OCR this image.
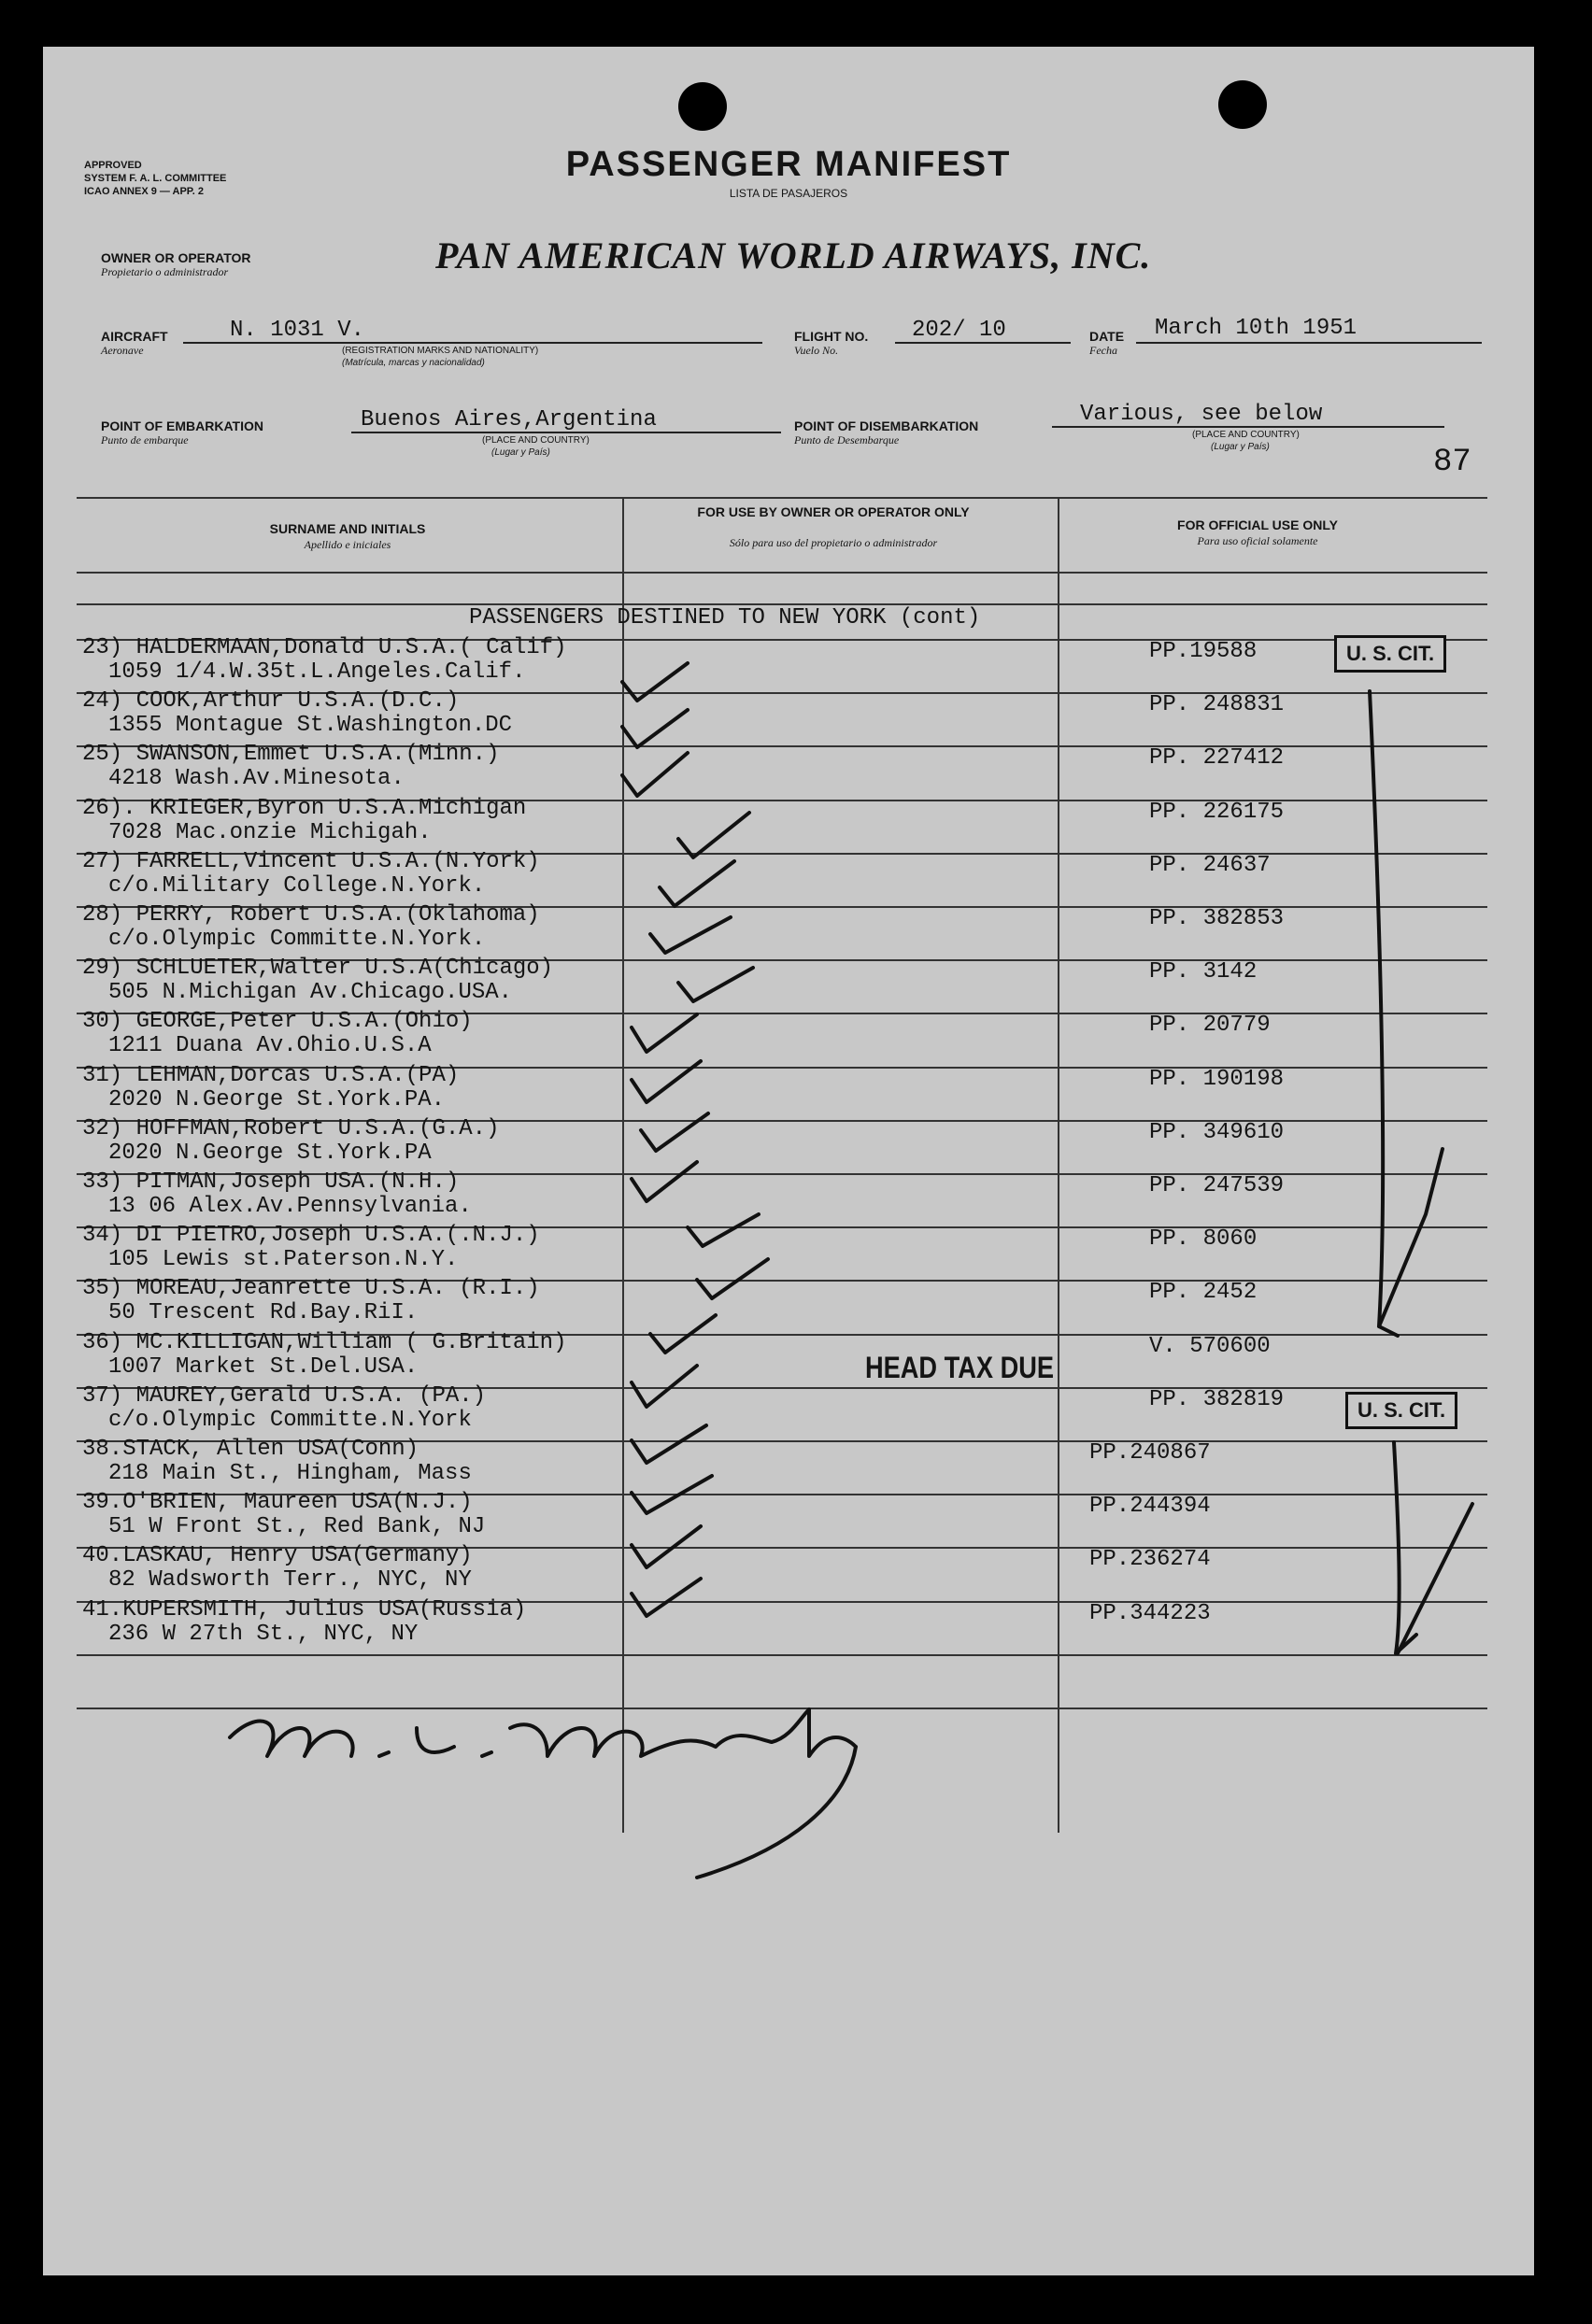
APPROVED
SYSTEM F. A. L. COMMITTEE
ICAO ANNEX 9 — APP. 2
PASSENGER MANIFEST
LISTA DE PASAJEROS
OWNER OR OPERATOR
Propietario o administrador	PAN AMERICAN WORLD AIRWAYS, INC.
AIRCRAFT
Aeronave
N. 1031 V.
(REGISTRATION MARKS AND NATIONALITY)
(Matrícula, marcas y nacionalidad)
FLIGHT NO.
Vuelo No.
202/ 10	DATE
Fecha
March 10th 1951
POINT OF EMBARKATION
Punto de embarque
Buenos Aires,Argentina
(PLACE AND COUNTRY)
(Lugar y País)
POINT OF DISEMBARKATION
Punto de Desembarque
Various, see below
(PLACE AND COUNTRY)
(Lugar y País)	87
SURNAME AND INITIALS
Apellido e iniciales
FOR USE BY OWNER OR OPERATOR ONLY
Sólo para uso del propietario o administrador
FOR OFFICIAL USE ONLY
Para uso oficial solamente
PASSENGERS DESTINED TO NEW YORK (cont)
23) HALDERMAAN,Donald U.S.A.( Calif)
1059 1/4.W.35t.L.Angeles.Calif.
PP.19588
24) COOK,Arthur U.S.A.(D.C.)
1355 Montague St.Washington.DC
PP. 248831
25) SWANSON,Emmet U.S.A.(Minn.)
4218 Wash.Av.Minesota.
PP. 227412
26). KRIEGER,Byron U.S.A.Michigan
7028 Mac.onzie Michigah.
PP. 226175
27) FARRELL,Vincent U.S.A.(N.York)
c/o.Military College.N.York.
PP. 24637
28) PERRY, Robert U.S.A.(Oklahoma)
c/o.Olympic Committe.N.York.
PP. 382853
29) SCHLUETER,Walter U.S.A(Chicago)
505 N.Michigan Av.Chicago.USA.
PP. 3142
30) GEORGE,Peter U.S.A.(Ohio)
1211 Duana Av.Ohio.U.S.A
PP. 20779
31) LEHMAN,Dorcas U.S.A.(PA)
2020 N.George St.York.PA.
PP. 190198
32) HOFFMAN,Robert U.S.A.(G.A.)
2020 N.George St.York.PA
PP. 349610
33) PITMAN,Joseph USA.(N.H.)
13 06 Alex.Av.Pennsylvania.
PP. 247539
34) DI PIETRO,Joseph U.S.A.(.N.J.)
105 Lewis st.Paterson.N.Y.
PP. 8060
35) MOREAU,Jeanrette U.S.A. (R.I.)
50 Trescent Rd.Bay.RiI.
PP. 2452
36) MC.KILLIGAN,William ( G.Britain)
1007 Market St.Del.USA.
V. 570600
37) MAUREY,Gerald U.S.A. (PA.)
c/o.Olympic Committe.N.York
PP. 382819
38.STACK, Allen USA(Conn)
218 Main St., Hingham, Mass
PP.240867
39.O'BRIEN, Maureen USA(N.J.)
51 W Front St., Red Bank, NJ
PP.244394
40.LASKAU, Henry USA(Germany)
82 Wadsworth Terr., NYC, NY
PP.236274
41.KUPERSMITH, Julius USA(Russia)
236 W 27th St., NYC, NY
PP.344223
U. S. CIT.
U. S. CIT.
HEAD TAX DUE
